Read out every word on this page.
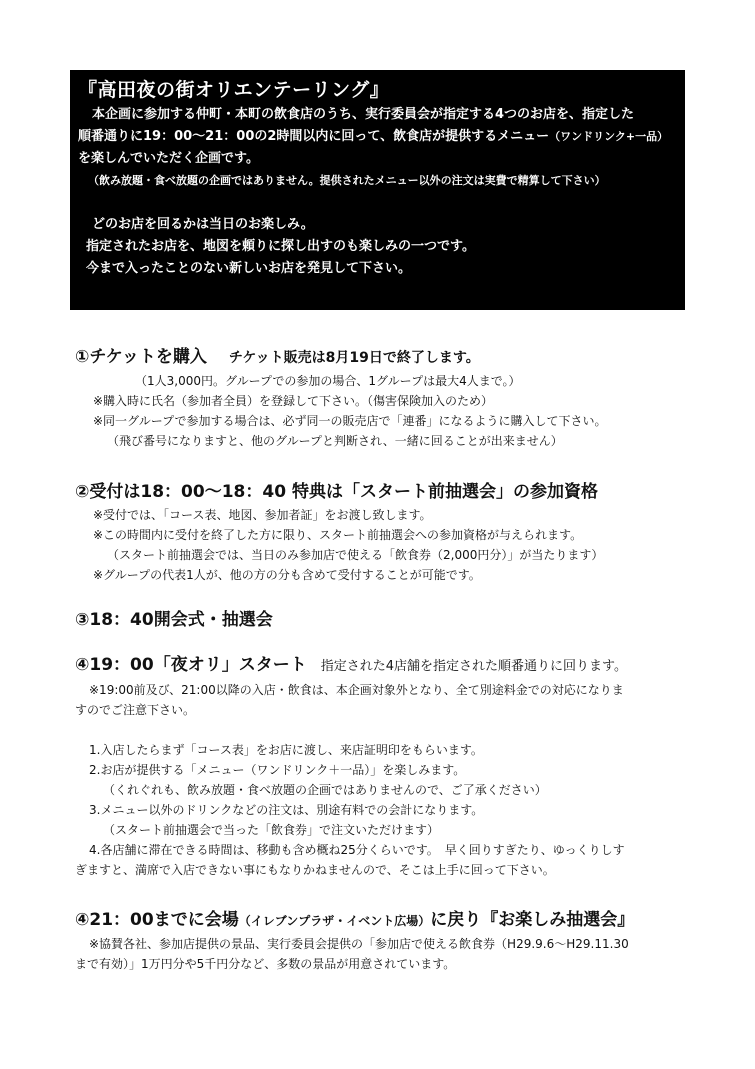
『高田夜の街オリエンテーリング』
本企画に参加する仲町・本町の飲食店のうち、実行委員会が指定する4つのお店を、指定した
順番通りに19：00～21：00の2時間以内に回って、飲食店が提供するメニュー（ワンドリンク+一品）
を楽しんでいただく企画です。
（飲み放題・食べ放題の企画ではありません。提供されたメニュー以外の注文は実費で精算して下さい）
どのお店を回るかは当日のお楽しみ。
指定されたお店を、地図を頼りに探し出すのも楽しみの一つです。
今まで入ったことのない新しいお店を発見して下さい。
①チケットを購入 チケット販売は8月19日で終了します。
（1人3,000円。グループでの参加の場合、1グループは最大4人まで。）
※購入時に氏名（参加者全員）を登録して下さい。（傷害保険加入のため）
※同一グループで参加する場合は、必ず同一の販売店で「連番」になるように購入して下さい。
（飛び番号になりますと、他のグループと判断され、一緒に回ることが出来ません）
②受付は18：00～18：40 特典は「スタート前抽選会」の参加資格
※受付では、「コース表、地図、参加者証」をお渡し致します。
※この時間内に受付を終了した方に限り、スタート前抽選会への参加資格が与えられます。
（スタート前抽選会では、当日のみ参加店で使える「飲食券（2,000円分）」が当たります）
※グループの代表1人が、他の方の分も含めて受付することが可能です。
③18：40開会式・抽選会
④19：00「夜オリ」スタート 指定された4店舗を指定された順番通りに回ります。
※19:00前及び、21:00以降の入店・飲食は、本企画対象外となり、全て別途料金での対応になりま
すのでご注意下さい。
1.入店したらまず「コース表」をお店に渡し、来店証明印をもらいます。
2.お店が提供する「メニュー（ワンドリンク＋一品）」を楽しみます。
（くれぐれも、飲み放題・食べ放題の企画ではありませんので、ご了承ください）
3.メニュー以外のドリンクなどの注文は、別途有料での会計になります。
（スタート前抽選会で当った「飲食券」で注文いただけます）
4.各店舗に滞在できる時間は、移動も含め概ね25分くらいです。　早く回りすぎたり、ゆっくりしす
ぎますと、満席で入店できない事にもなりかねませんので、そこは上手に回って下さい。
④21：00までに会場（イレブンプラザ・イベント広場）に戻り『お楽しみ抽選会』
※協賛各社、参加店提供の景品、実行委員会提供の「参加店で使える飲食券（H29.9.6～H29.11.30
まで有効）」1万円分や5千円分など、多数の景品が用意されています。
